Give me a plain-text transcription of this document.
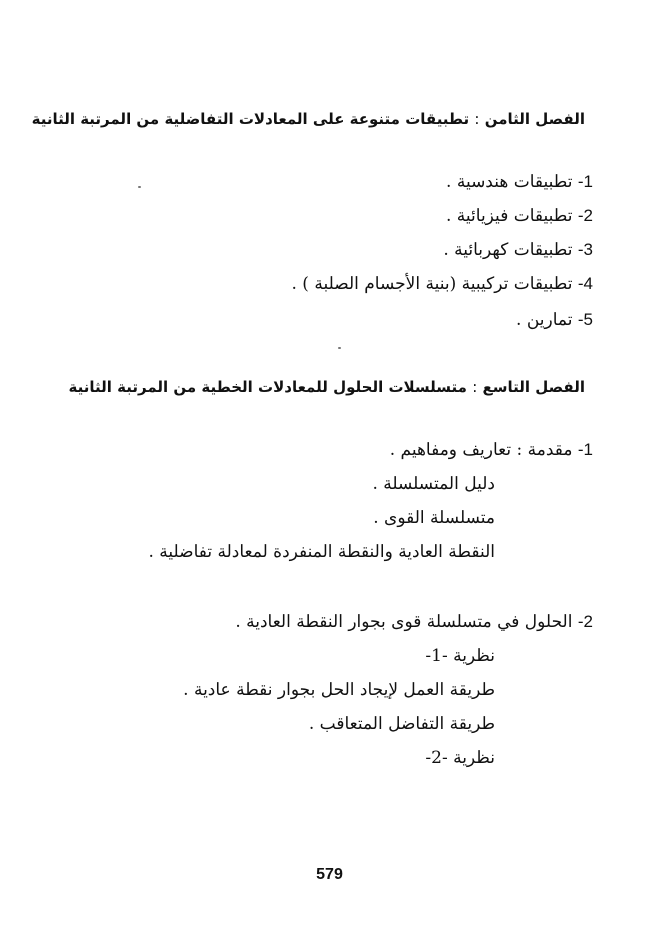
الفصل الثامن : تطبيقات متنوعة على المعادلات التفاضلية من المرتبة الثانية
1- تطبيقات هندسية .
2- تطبيقات فيزيائية .
3- تطبيقات كهربائية .
4- تطبيقات تركيبية (بنية الأجسام الصلبة ) .
5- تمارين .
الفصل التاسع : متسلسلات الحلول للمعادلات الخطية من المرتبة الثانية
1- مقدمة : تعاريف ومفاهيم .
دليل المتسلسلة .
متسلسلة القوى .
النقطة العادية والنقطة المنفردة لمعادلة تفاضلية .
2- الحلول في متسلسلة قوى بجوار النقطة العادية .
نظرية -1-
طريقة العمل لإيجاد الحل بجوار نقطة عادية .
طريقة التفاضل المتعاقب .
نظرية -2-
579
